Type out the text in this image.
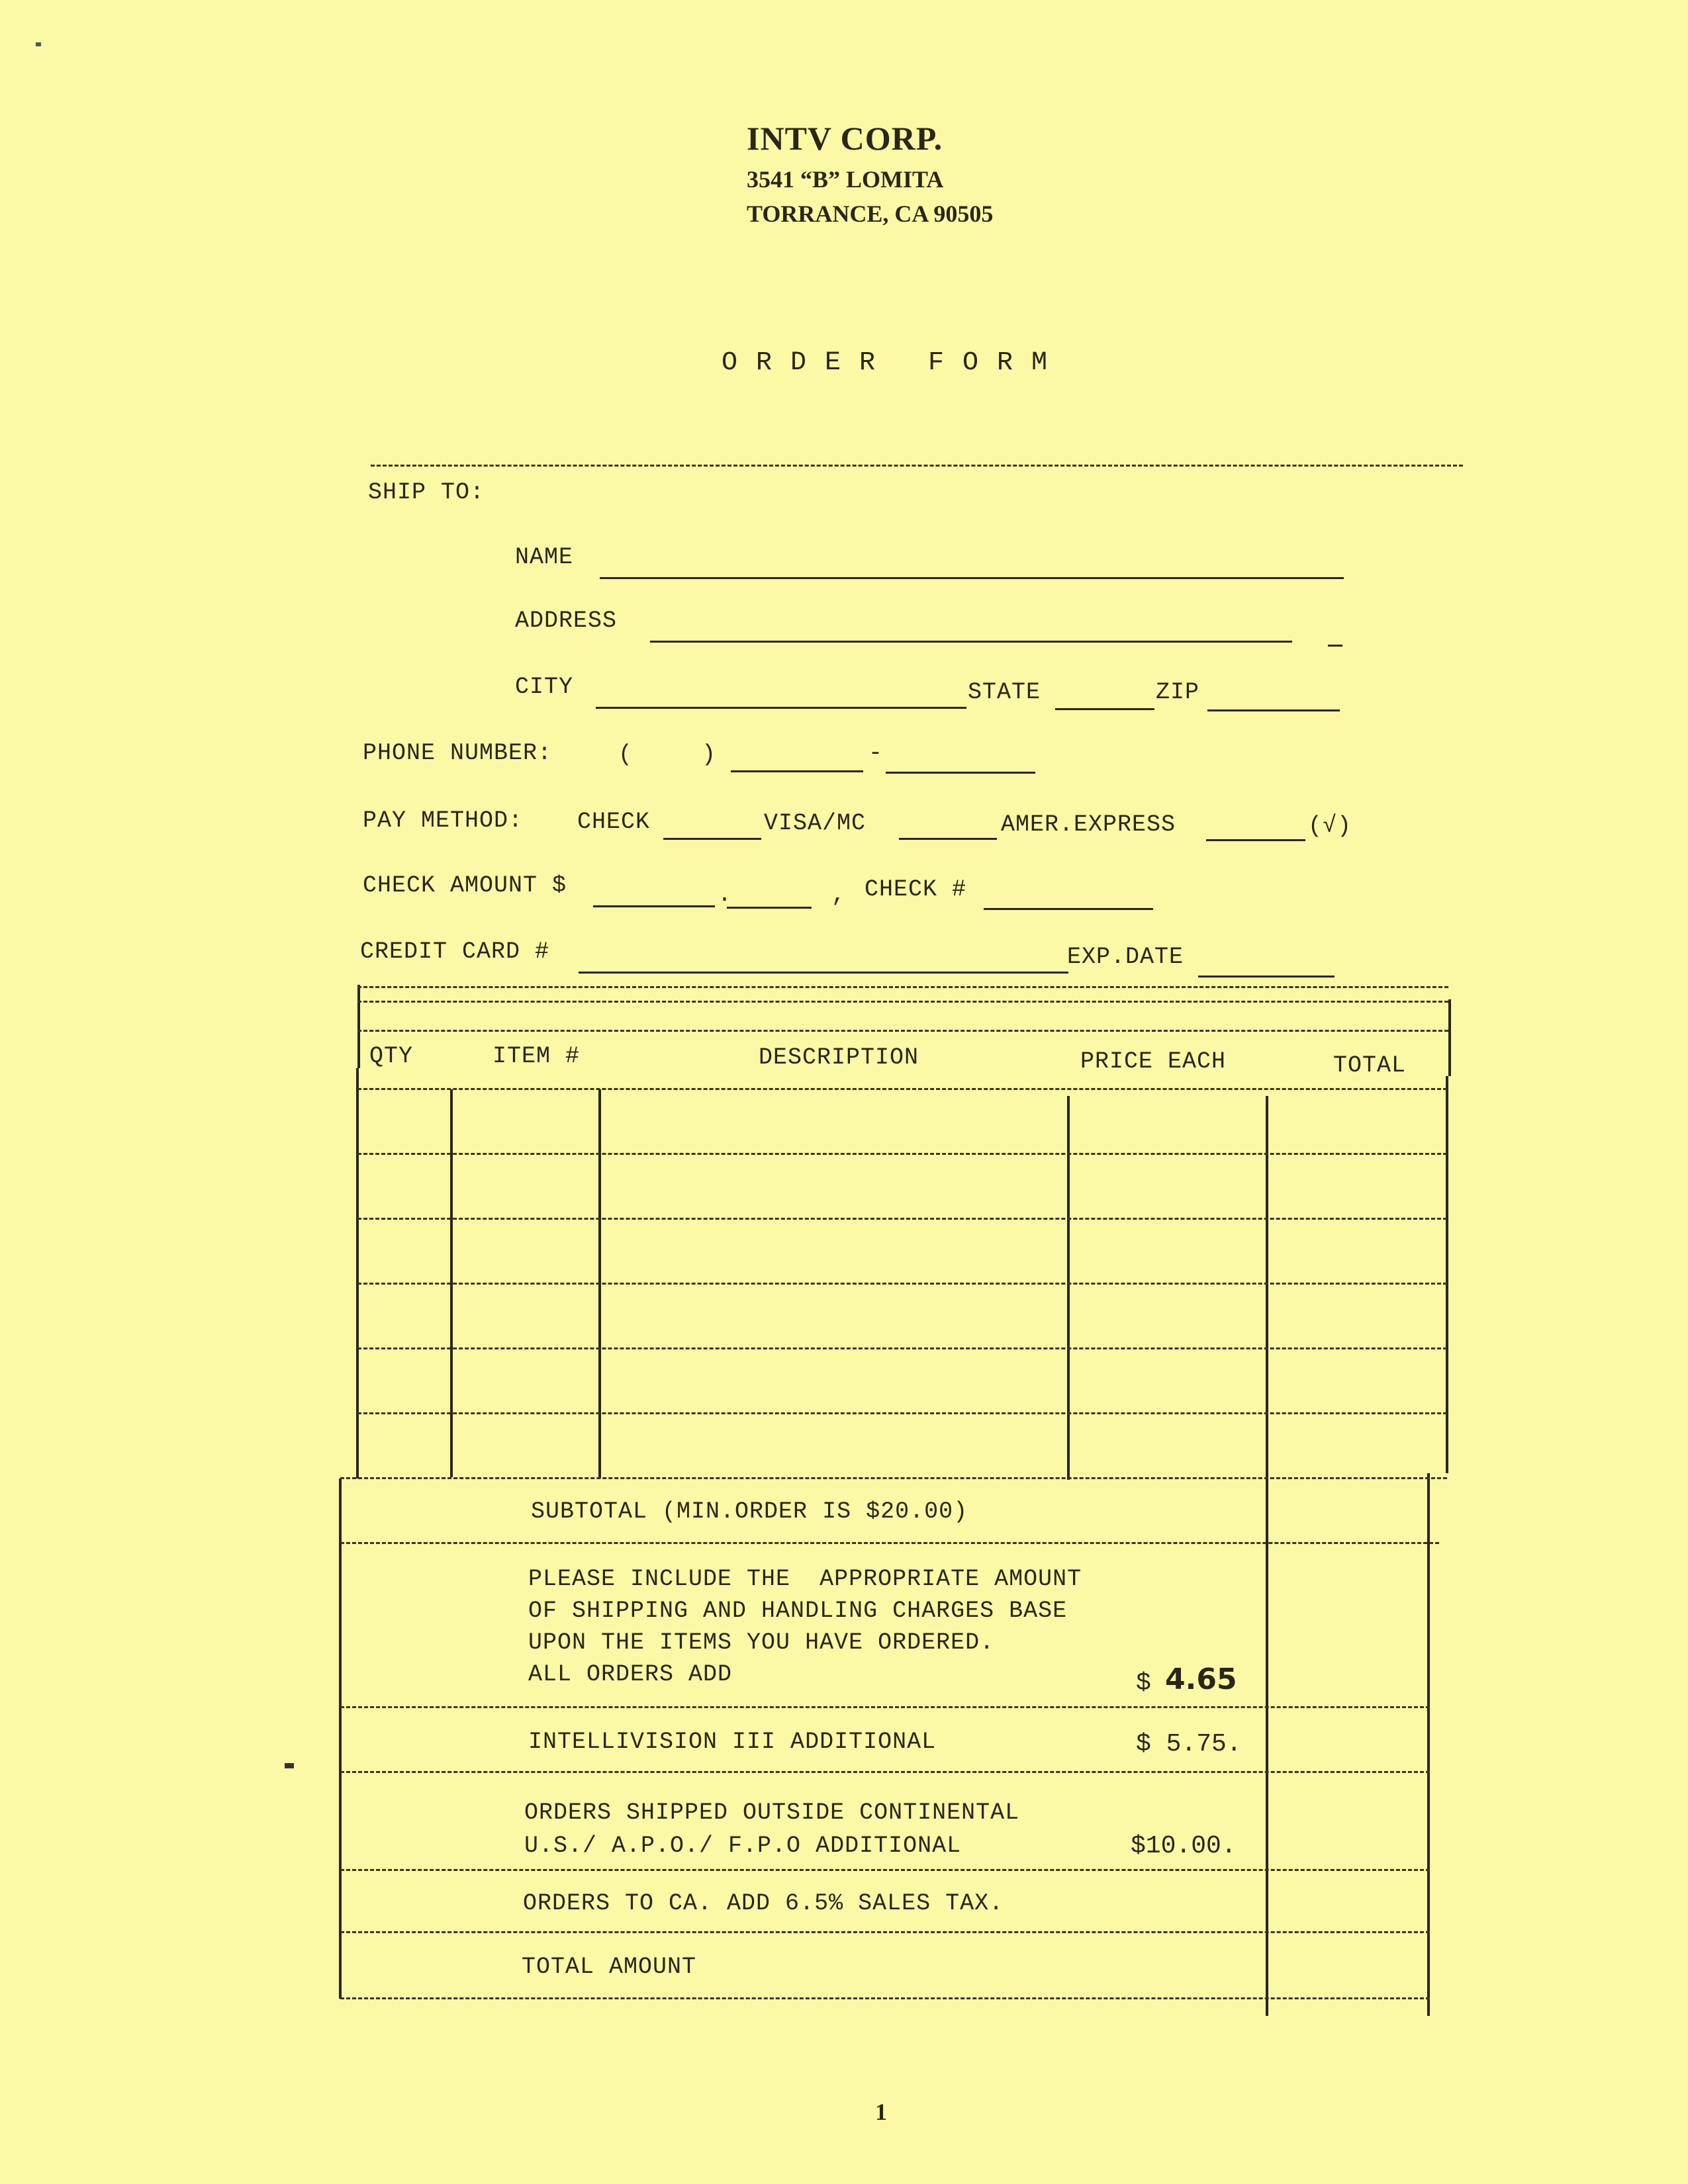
INTV CORP.
3541 “B” LOMITA
TORRANCE, CA 90505
ORDER FORM
SHIP TO:
NAME
ADDRESS
CITY	STATE	ZIP
PHONE NUMBER:	(	)	-
PAY METHOD: CHECK	VISA/MC	AMER.EXPRESS	(√)
CHECK AMOUNT $	.	, CHECK #
CREDIT CARD #	EXP.DATE
QTY	ITEM #	DESCRIPTION	PRICE EACH	TOTAL
SUBTOTAL (MIN.ORDER IS $20.00)
PLEASE INCLUDE THE  APPROPRIATE AMOUNT
OF SHIPPING AND HANDLING CHARGES BASE
UPON THE ITEMS YOU HAVE ORDERED.
ALL ORDERS ADD	$ 4.65
INTELLIVISION III ADDITIONAL	$ 5.75.
ORDERS SHIPPED OUTSIDE CONTINENTAL
U.S./ A.P.O./ F.P.O ADDITIONAL	$10.00.
ORDERS TO CA. ADD 6.5% SALES TAX.
TOTAL AMOUNT
1
